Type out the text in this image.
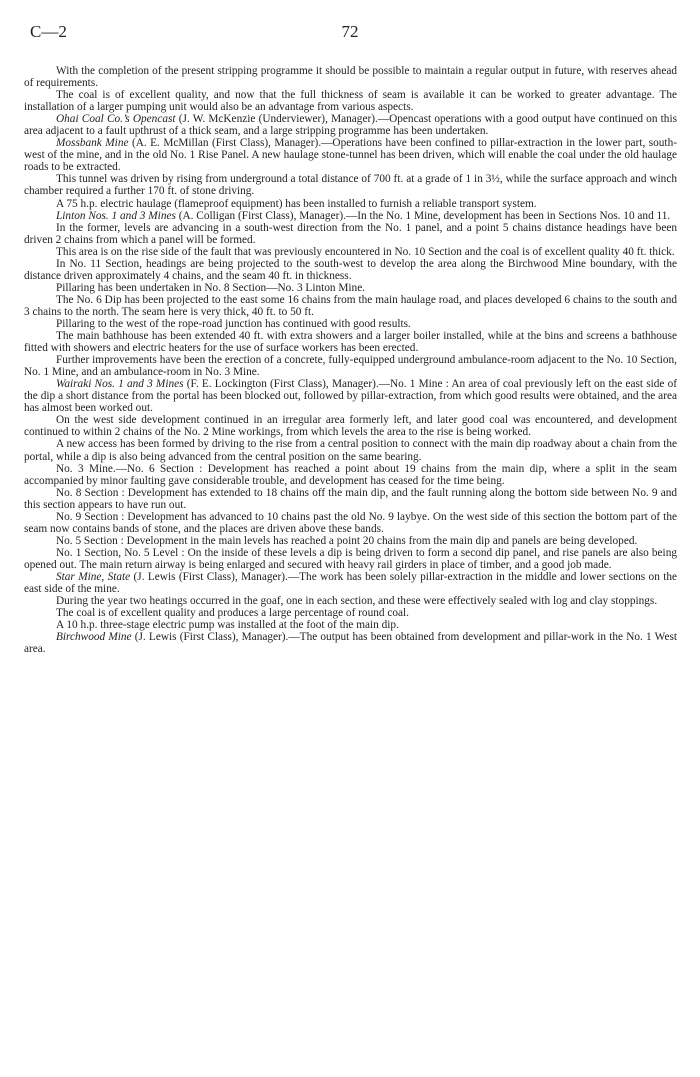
C—2	72

With the completion of the present stripping programme it should be possible to maintain a regular output in future, with reserves ahead of requirements.

The coal is of excellent quality, and now that the full thickness of seam is available it can be worked to greater advantage. The installation of a larger pumping unit would also be an advantage from various aspects.

Ohai Coal Co.’s Opencast (J. W. McKenzie (Underviewer), Manager).—Opencast operations with a good output have continued on this area adjacent to a fault upthrust of a thick seam, and a large stripping programme has been undertaken.

Mossbank Mine (A. E. McMillan (First Class), Manager).—Operations have been confined to pillar-extraction in the lower part, south-west of the mine, and in the old No. 1 Rise Panel. A new haulage stone-tunnel has been driven, which will enable the coal under the old haulage roads to be extracted.

This tunnel was driven by rising from underground a total distance of 700 ft. at a grade of 1 in 3½, while the surface approach and winch chamber required a further 170 ft. of stone driving.

A 75 h.p. electric haulage (flameproof equipment) has been installed to furnish a reliable transport system.

Linton Nos. 1 and 3 Mines (A. Colligan (First Class), Manager).—In the No. 1 Mine, development has been in Sections Nos. 10 and 11.

In the former, levels are advancing in a south-west direction from the No. 1 panel, and a point 5 chains distance headings have been driven 2 chains from which a panel will be formed.

This area is on the rise side of the fault that was previously encountered in No. 10 Section and the coal is of excellent quality 40 ft. thick.

In No. 11 Section, headings are being projected to the south-west to develop the area along the Birchwood Mine boundary, with the distance driven approximately 4 chains, and the seam 40 ft. in thickness.

Pillaring has been undertaken in No. 8 Section—No. 3 Linton Mine.

The No. 6 Dip has been projected to the east some 16 chains from the main haulage road, and places developed 6 chains to the south and 3 chains to the north. The seam here is very thick, 40 ft. to 50 ft.

Pillaring to the west of the rope-road junction has continued with good results.

The main bathhouse has been extended 40 ft. with extra showers and a larger boiler installed, while at the bins and screens a bathhouse fitted with showers and electric heaters for the use of surface workers has been erected.

Further improvements have been the erection of a concrete, fully-equipped underground ambulance-room adjacent to the No. 10 Section, No. 1 Mine, and an ambulance-room in No. 3 Mine.

Wairaki Nos. 1 and 3 Mines (F. E. Lockington (First Class), Manager).—No. 1 Mine : An area of coal previously left on the east side of the dip a short distance from the portal has been blocked out, followed by pillar-extraction, from which good results were obtained, and the area has almost been worked out.

On the west side development continued in an irregular area formerly left, and later good coal was encountered, and development continued to within 2 chains of the No. 2 Mine workings, from which levels the area to the rise is being worked.

A new access has been formed by driving to the rise from a central position to connect with the main dip roadway about a chain from the portal, while a dip is also being advanced from the central position on the same bearing.

No. 3 Mine.—No. 6 Section : Development has reached a point about 19 chains from the main dip, where a split in the seam accompanied by minor faulting gave considerable trouble, and development has ceased for the time being.

No. 8 Section : Development has extended to 18 chains off the main dip, and the fault running along the bottom side between No. 9 and this section appears to have run out.

No. 9 Section : Development has advanced to 10 chains past the old No. 9 laybye. On the west side of this section the bottom part of the seam now contains bands of stone, and the places are driven above these bands.

No. 5 Section : Development in the main levels has reached a point 20 chains from the main dip and panels are being developed.

No. 1 Section, No. 5 Level : On the inside of these levels a dip is being driven to form a second dip panel, and rise panels are also being opened out. The main return airway is being enlarged and secured with heavy rail girders in place of timber, and a good job made.

Star Mine, State (J. Lewis (First Class), Manager).—The work has been solely pillar-extraction in the middle and lower sections on the east side of the mine.

During the year two heatings occurred in the goaf, one in each section, and these were effectively sealed with log and clay stoppings.

The coal is of excellent quality and produces a large percentage of round coal.

A 10 h.p. three-stage electric pump was installed at the foot of the main dip.

Birchwood Mine (J. Lewis (First Class), Manager).—The output has been obtained from development and pillar-work in the No. 1 West area.
